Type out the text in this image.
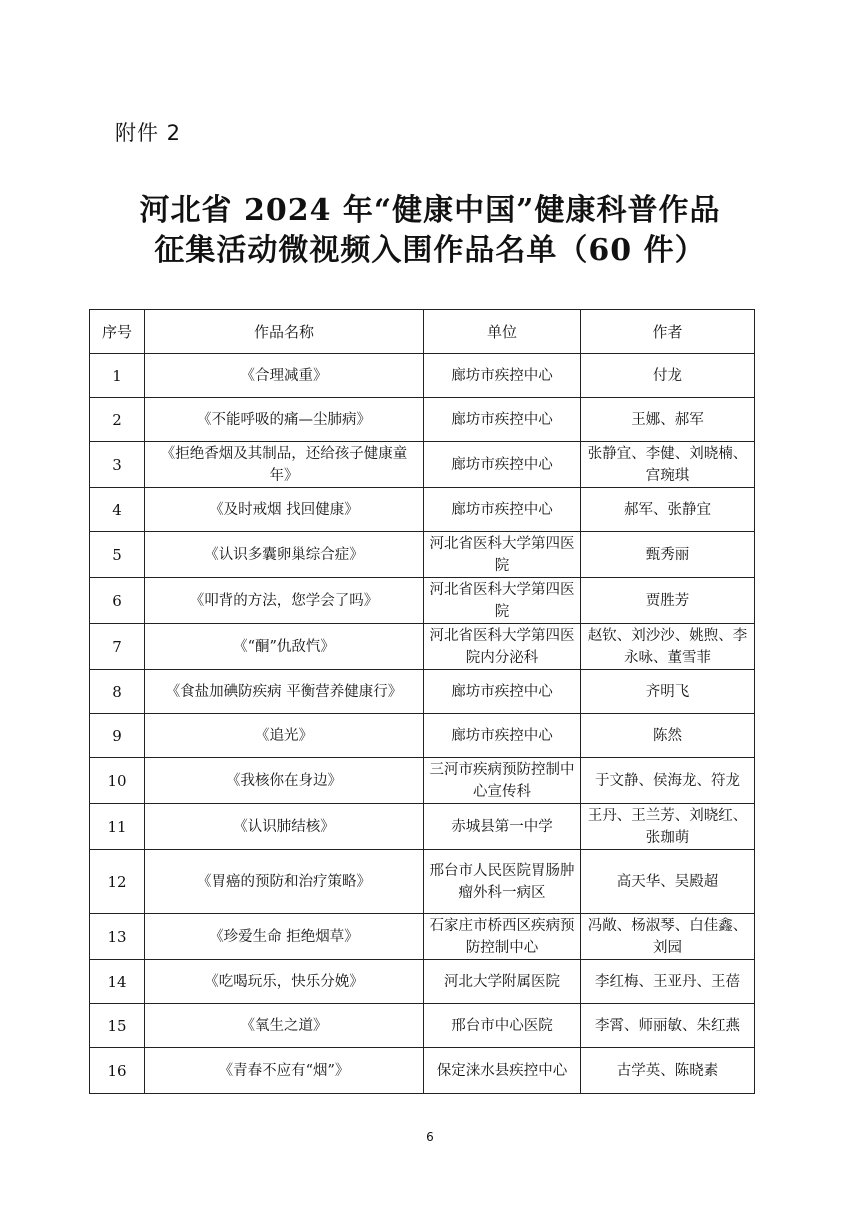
附件 2
河北省 2024 年“健康中国”健康科普作品
征集活动微视频入围作品名单（60 件）
序号	作品名称	单位	作者
1	《合理减重》	廊坊市疾控中心	付龙
2	《不能呼吸的痛—尘肺病》	廊坊市疾控中心	王娜、郝军
3	《拒绝香烟及其制品，还给孩子健康童年》	廊坊市疾控中心	张静宜、李健、刘晓楠、宫琬琪
4	《及时戒烟 找回健康》	廊坊市疾控中心	郝军、张静宜
5	《认识多囊卵巢综合症》	河北省医科大学第四医院	甄秀丽
6	《叩背的方法，您学会了吗》	河北省医科大学第四医院	贾胜芳
7	《“酮”仇敌忾》	河北省医科大学第四医院内分泌科	赵钦、刘沙沙、姚煦、李永咏、董雪菲
8	《食盐加碘防疾病 平衡营养健康行》	廊坊市疾控中心	齐明飞
9	《追光》	廊坊市疾控中心	陈然
10	《我核你在身边》	三河市疾病预防控制中心宣传科	于文静、侯海龙、符龙
11	《认识肺结核》	赤城县第一中学	王丹、王兰芳、刘晓红、张珈萌
12	《胃癌的预防和治疗策略》	邢台市人民医院胃肠肿瘤外科一病区	高天华、吴殿超
13	《珍爱生命 拒绝烟草》	石家庄市桥西区疾病预防控制中心	冯敞、杨淑琴、白佳鑫、刘园
14	《吃喝玩乐，快乐分娩》	河北大学附属医院	李红梅、王亚丹、王蓓
15	《氧生之道》	邢台市中心医院	李霄、师丽敏、朱红燕
16	《青春不应有“烟”》	保定涞水县疾控中心	古学英、陈晓素
6
